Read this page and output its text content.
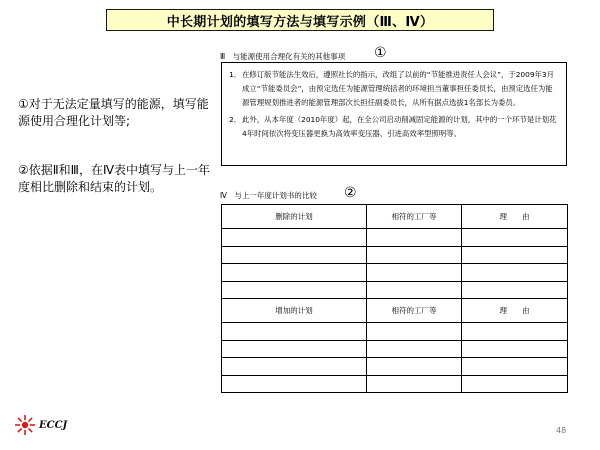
中长期计划的填写方法与填写示例（Ⅲ、Ⅳ）
①对于无法定量填写的能源，填写能源使用合理化计划等;
②依据Ⅱ和Ⅲ，在Ⅳ表中填写与上一年度相比删除和结束的计划。
Ⅲ　与能源使用合理化有关的其他事项 ①
1． 在修订版节能法生效后，遵照社长的指示，改组了以前的“节能推进责任人会议”，于2009年3月成立“节能委员会”，由预定选任为能源管理统括者的环境担当董事担任委员长，由预定选任为能源管理规划推进者的能源管理部次长担任副委员长，从所有据点选拔1名部长为委员。
2． 此外，从本年度（2010年度）起，在全公司启动削减固定能源的计划，其中的一个环节是计划花4年时间依次将变压器更换为高效率变压器、引进高效率型照明等。
Ⅳ　与上一年度计划书的比较 ②
删除的计划	相符的工厂等	理　　由

增加的计划	相符的工厂等	理　　由

ECCJ	48
